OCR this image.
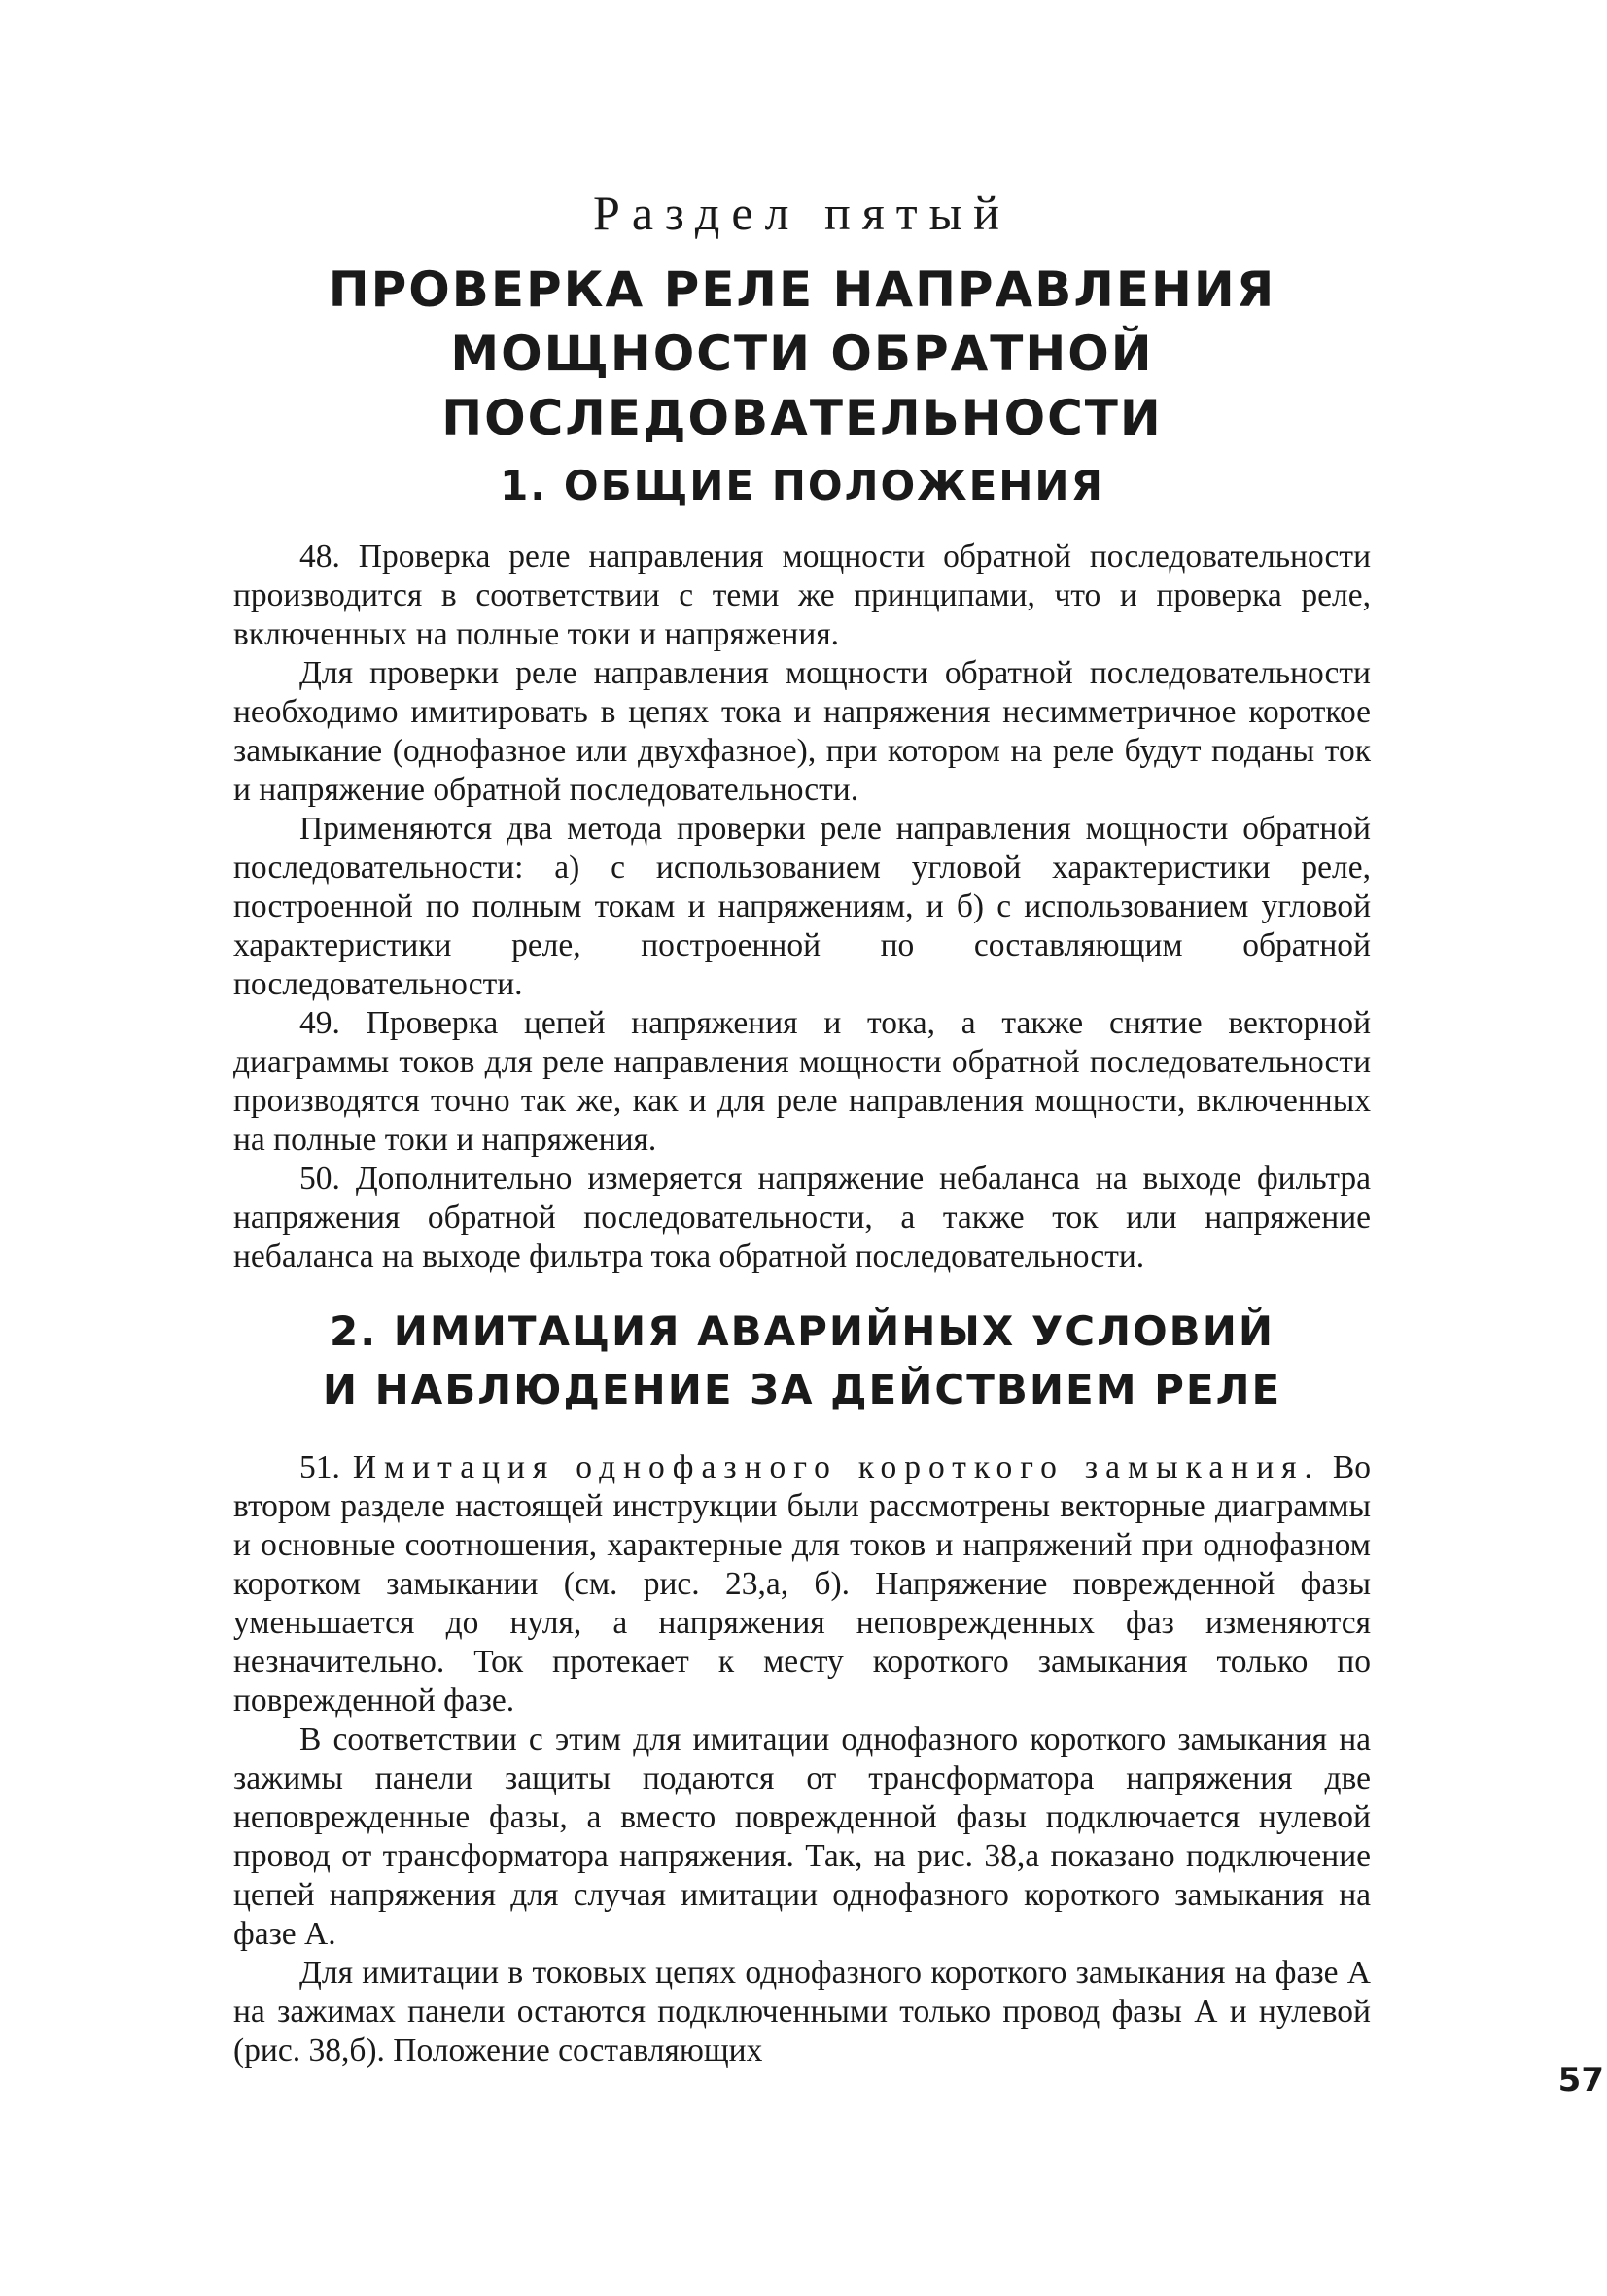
Раздел пятый
ПРОВЕРКА РЕЛЕ НАПРАВЛЕНИЯ
МОЩНОСТИ ОБРАТНОЙ
ПОСЛЕДОВАТЕЛЬНОСТИ
1. ОБЩИЕ ПОЛОЖЕНИЯ

48. Проверка реле направления мощности обратной последовательности производится в соответствии с теми же принципами, что и проверка реле, включенных на полные токи и напряжения.

Для проверки реле направления мощности обратной последовательности необходимо имитировать в цепях тока и напряжения несимметричное короткое замыкание (однофазное или двухфазное), при котором на реле будут поданы ток и напряжение обратной последовательности.

Применяются два метода проверки реле направления мощности обратной последовательности: а) с использованием угловой характеристики реле, построенной по полным токам и напряжениям, и б) с использованием угловой характеристики реле, построенной по составляющим обратной последовательности.

49. Проверка цепей напряжения и тока, а также снятие векторной диаграммы токов для реле направления мощности обратной последовательности производятся точно так же, как и для реле направления мощности, включенных на полные токи и напряжения.

50. Дополнительно измеряется напряжение небаланса на выходе фильтра напряжения обратной последовательности, а также ток или напряжение небаланса на выходе фильтра тока обратной последовательности.

2. ИМИТАЦИЯ АВАРИЙНЫХ УСЛОВИЙ
И НАБЛЮДЕНИЕ ЗА ДЕЙСТВИЕМ РЕЛЕ

51. Имитация однофазного короткого замыкания. Во втором разделе настоящей инструкции были рассмотрены векторные диаграммы и основные соотношения, характерные для токов и напряжений при однофазном коротком замыкании (см. рис. 23,а, б). Напряжение поврежденной фазы уменьшается до нуля, а напряжения неповрежденных фаз изменяются незначительно. Ток протекает к месту короткого замыкания только по поврежденной фазе.

В соответствии с этим для имитации однофазного короткого замыкания на зажимы панели защиты подаются от трансформатора напряжения две неповрежденные фазы, а вместо поврежденной фазы подключается нулевой провод от трансформатора напряжения. Так, на рис. 38,а показано подключение цепей напряжения для случая имитации однофазного короткого замыкания на фазе А.

Для имитации в токовых цепях однофазного короткого замыкания на фазе А на зажимах панели остаются подключенными только провод фазы А и нулевой (рис. 38,б). Положение составляющих

57
